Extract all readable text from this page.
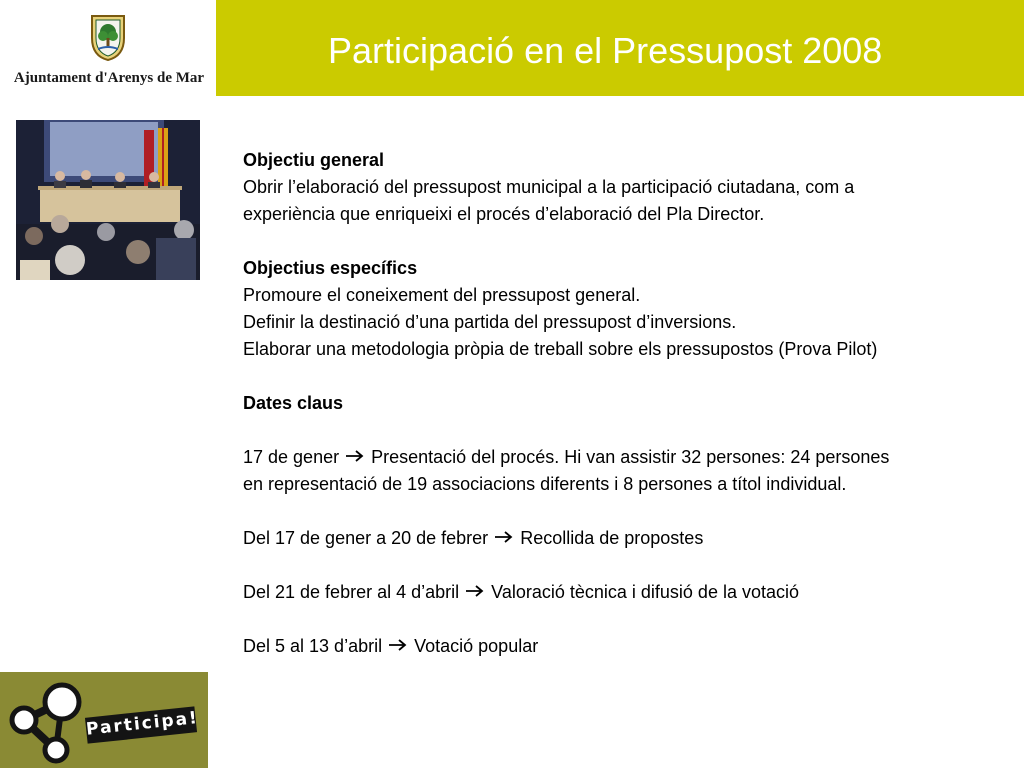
Ajuntament d'Arenys de Mar
Participació en el Pressupost 2008

Objectiu general

Obrir l’elaboració del pressupost municipal a la participació ciutadana, com a

experiència que enriqueixi el procés d’elaboració del Pla Director.

Objectius específics

Promoure el coneixement del pressupost general.

Definir la destinació d’una partida del pressupost d’inversions.

Elaborar una metodologia pròpia de treball sobre els pressupostos (Prova Pilot)

Dates claus

17 de gener Presentació del procés. Hi van assistir 32 persones: 24 persones

en representació de 19 associacions diferents i 8 persones a títol individual.

Del 17 de gener a 20 de febrer Recollida de propostes

Del 21 de febrer al 4 d’abril Valoració tècnica i difusió de la votació

Del 5 al 13 d’abril Votació popular

Participa!
